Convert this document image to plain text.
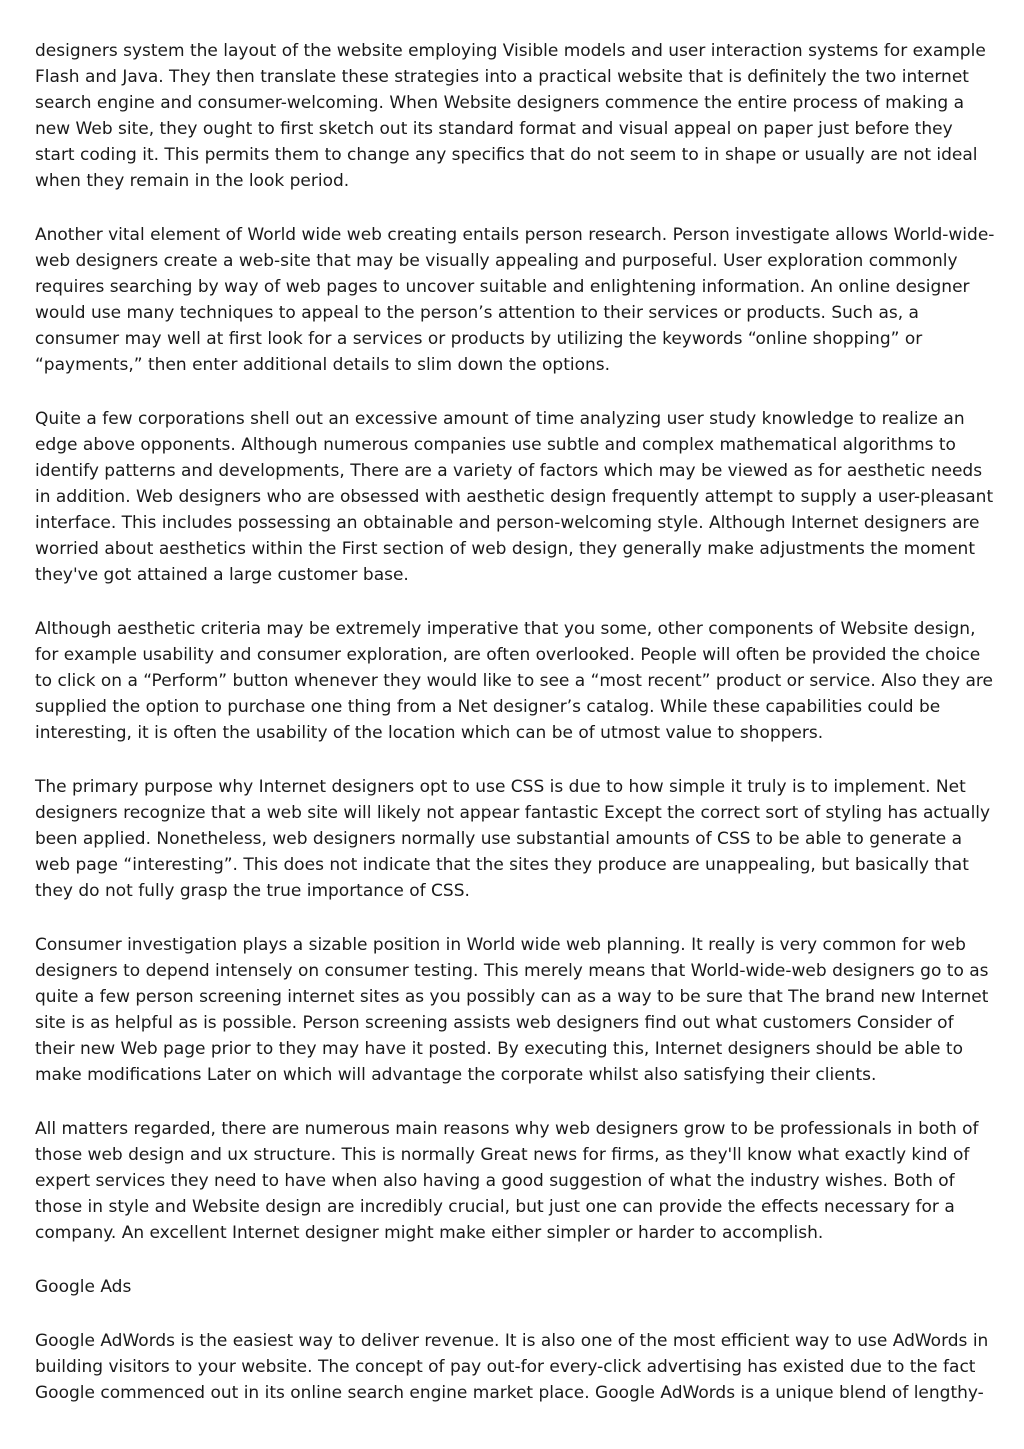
designers system the layout of the website employing Visible models and user interaction systems for example Flash and Java. They then translate these strategies into a practical website that is definitely the two internet search engine and consumer-welcoming. When Website designers commence the entire process of making a new Web site, they ought to first sketch out its standard format and visual appeal on paper just before they start coding it. This permits them to change any specifics that do not seem to in shape or usually are not ideal when they remain in the look period.

Another vital element of World wide web creating entails person research. Person investigate allows World-wide-web designers create a web-site that may be visually appealing and purposeful. User exploration commonly requires searching by way of web pages to uncover suitable and enlightening information. An online designer would use many techniques to appeal to the person’s attention to their services or products. Such as, a consumer may well at first look for a services or products by utilizing the keywords “online shopping” or “payments,” then enter additional details to slim down the options.

Quite a few corporations shell out an excessive amount of time analyzing user study knowledge to realize an edge above opponents. Although numerous companies use subtle and complex mathematical algorithms to identify patterns and developments, There are a variety of factors which may be viewed as for aesthetic needs in addition. Web designers who are obsessed with aesthetic design frequently attempt to supply a user-pleasant interface. This includes possessing an obtainable and person-welcoming style. Although Internet designers are worried about aesthetics within the First section of web design, they generally make adjustments the moment they've got attained a large customer base.

Although aesthetic criteria may be extremely imperative that you some, other components of Website design, for example usability and consumer exploration, are often overlooked. People will often be provided the choice to click on a “Perform” button whenever they would like to see a “most recent” product or service. Also they are supplied the option to purchase one thing from a Net designer’s catalog. While these capabilities could be interesting, it is often the usability of the location which can be of utmost value to shoppers.

The primary purpose why Internet designers opt to use CSS is due to how simple it truly is to implement. Net designers recognize that a web site will likely not appear fantastic Except the correct sort of styling has actually been applied. Nonetheless, web designers normally use substantial amounts of CSS to be able to generate a web page “interesting”. This does not indicate that the sites they produce are unappealing, but basically that they do not fully grasp the true importance of CSS.

Consumer investigation plays a sizable position in World wide web planning. It really is very common for web designers to depend intensely on consumer testing. This merely means that World-wide-web designers go to as quite a few person screening internet sites as you possibly can as a way to be sure that The brand new Internet site is as helpful as is possible. Person screening assists web designers find out what customers Consider of their new Web page prior to they may have it posted. By executing this, Internet designers should be able to make modifications Later on which will advantage the corporate whilst also satisfying their clients.

All matters regarded, there are numerous main reasons why web designers grow to be professionals in both of those web design and ux structure. This is normally Great news for firms, as they'll know what exactly kind of expert services they need to have when also having a good suggestion of what the industry wishes. Both of those in style and Website design are incredibly crucial, but just one can provide the effects necessary for a company. An excellent Internet designer might make either simpler or harder to accomplish.

Google Ads

Google AdWords is the easiest way to deliver revenue. It is also one of the most efficient way to use AdWords in building visitors to your website. The concept of pay out-for every-click advertising has existed due to the fact Google commenced out in its online search engine market place. Google AdWords is a unique blend of lengthy-
